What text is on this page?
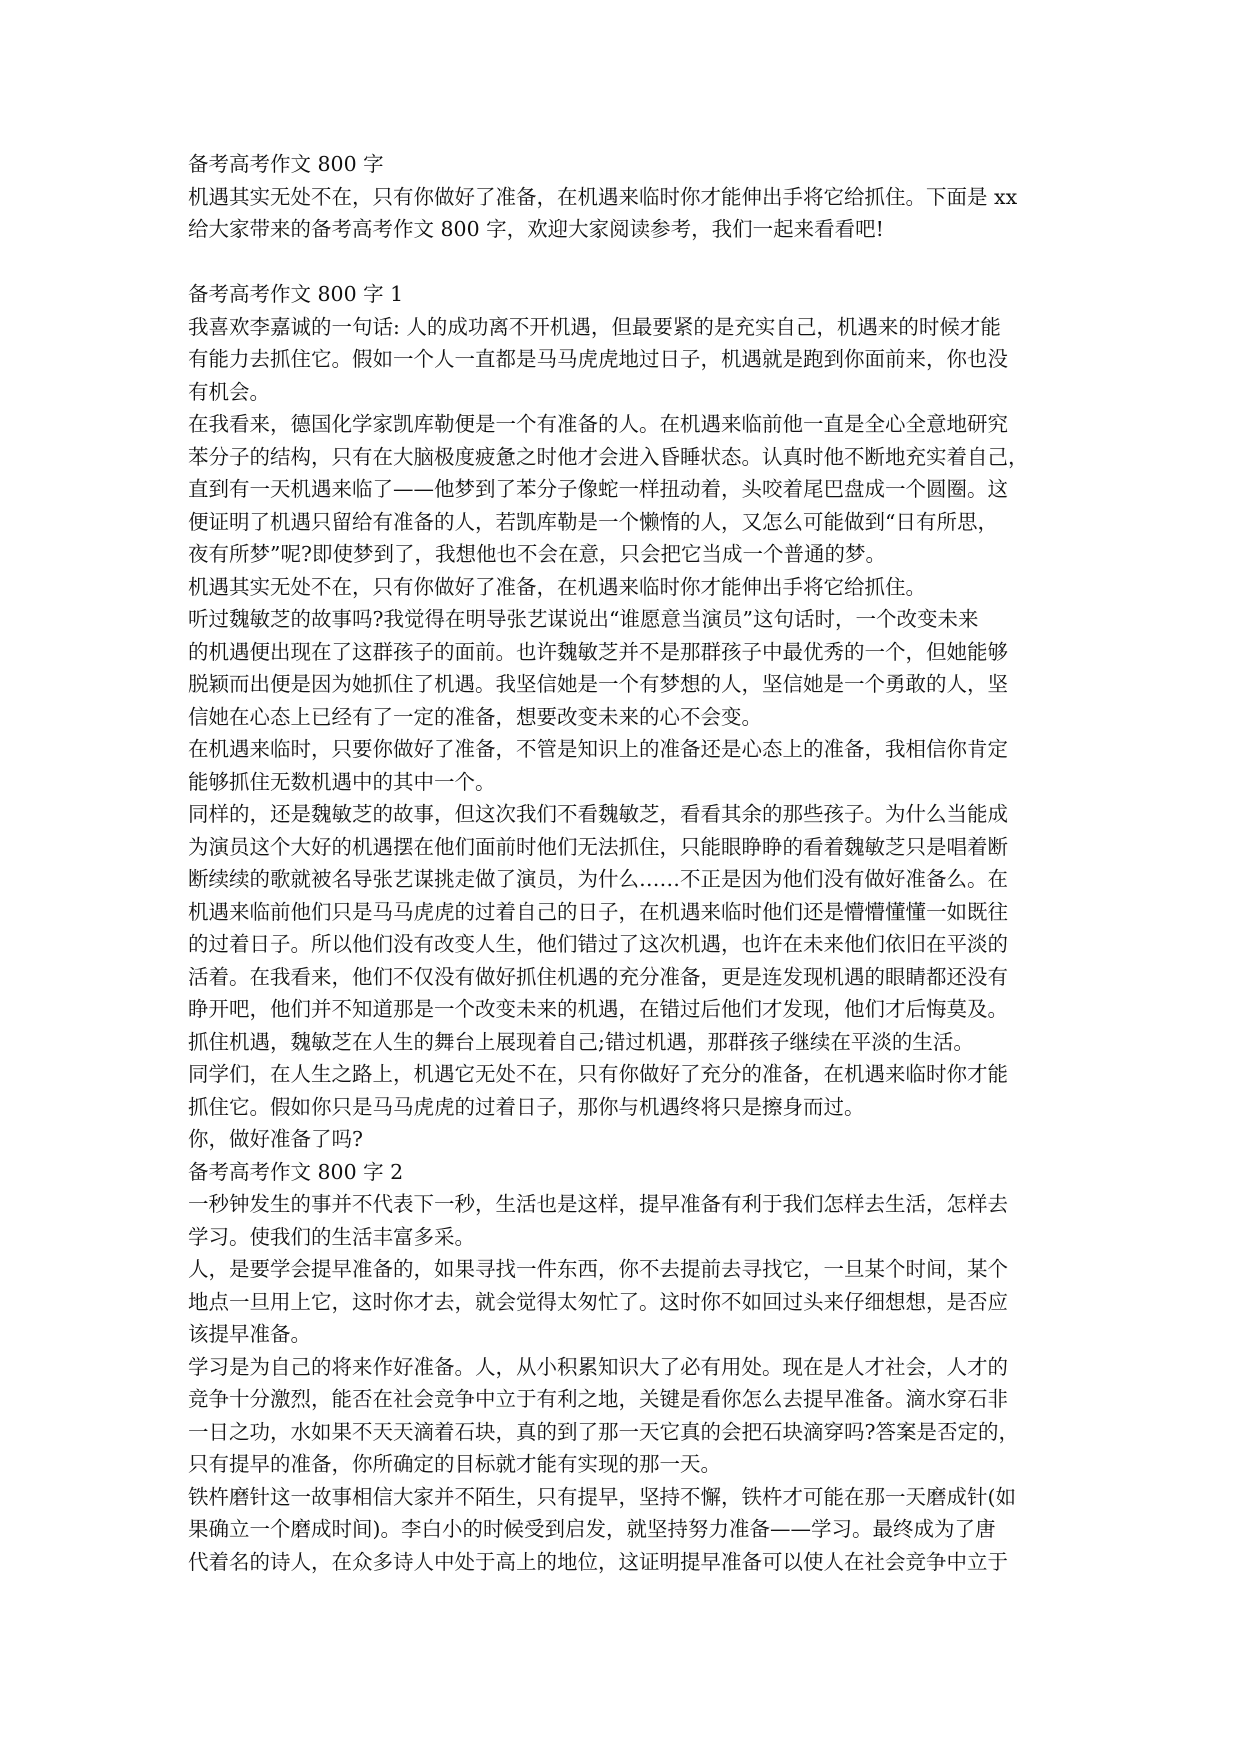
备考高考作文 800 字
机遇其实无处不在，只有你做好了准备，在机遇来临时你才能伸出手将它给抓住。下面是 xx
给大家带来的备考高考作文 800 字，欢迎大家阅读参考，我们一起来看看吧!
备考高考作文 800 字 1
我喜欢李嘉诚的一句话: 人的成功离不开机遇，但最要紧的是充实自己，机遇来的时候才能
有能力去抓住它。假如一个人一直都是马马虎虎地过日子，机遇就是跑到你面前来，你也没
有机会。
在我看来，德国化学家凯库勒便是一个有准备的人。在机遇来临前他一直是全心全意地研究
苯分子的结构，只有在大脑极度疲惫之时他才会进入昏睡状态。认真时他不断地充实着自己，
直到有一天机遇来临了——他梦到了苯分子像蛇一样扭动着，头咬着尾巴盘成一个圆圈。这
便证明了机遇只留给有准备的人，若凯库勒是一个懒惰的人，又怎么可能做到“日有所思，
夜有所梦”呢?即使梦到了，我想他也不会在意，只会把它当成一个普通的梦。
机遇其实无处不在，只有你做好了准备，在机遇来临时你才能伸出手将它给抓住。
听过魏敏芝的故事吗?我觉得在明导张艺谋说出“谁愿意当演员”这句话时，一个改变未来
的机遇便出现在了这群孩子的面前。也许魏敏芝并不是那群孩子中最优秀的一个，但她能够
脱颖而出便是因为她抓住了机遇。我坚信她是一个有梦想的人，坚信她是一个勇敢的人，坚
信她在心态上已经有了一定的准备，想要改变未来的心不会变。
在机遇来临时，只要你做好了准备，不管是知识上的准备还是心态上的准备，我相信你肯定
能够抓住无数机遇中的其中一个。
同样的，还是魏敏芝的故事，但这次我们不看魏敏芝，看看其余的那些孩子。为什么当能成
为演员这个大好的机遇摆在他们面前时他们无法抓住，只能眼睁睁的看着魏敏芝只是唱着断
断续续的歌就被名导张艺谋挑走做了演员，为什么……不正是因为他们没有做好准备么。在
机遇来临前他们只是马马虎虎的过着自己的日子，在机遇来临时他们还是懵懵懂懂一如既往
的过着日子。所以他们没有改变人生，他们错过了这次机遇，也许在未来他们依旧在平淡的
活着。在我看来，他们不仅没有做好抓住机遇的充分准备，更是连发现机遇的眼睛都还没有
睁开吧，他们并不知道那是一个改变未来的机遇，在错过后他们才发现，他们才后悔莫及。
抓住机遇，魏敏芝在人生的舞台上展现着自己;错过机遇，那群孩子继续在平淡的生活。
同学们，在人生之路上，机遇它无处不在，只有你做好了充分的准备，在机遇来临时你才能
抓住它。假如你只是马马虎虎的过着日子，那你与机遇终将只是擦身而过。
你，做好准备了吗?
备考高考作文 800 字 2
一秒钟发生的事并不代表下一秒，生活也是这样，提早准备有利于我们怎样去生活，怎样去
学习。使我们的生活丰富多采。
人，是要学会提早准备的，如果寻找一件东西，你不去提前去寻找它，一旦某个时间，某个
地点一旦用上它，这时你才去，就会觉得太匆忙了。这时你不如回过头来仔细想想，是否应
该提早准备。
学习是为自己的将来作好准备。人，从小积累知识大了必有用处。现在是人才社会，人才的
竞争十分激烈，能否在社会竞争中立于有利之地，关键是看你怎么去提早准备。滴水穿石非
一日之功，水如果不天天滴着石块，真的到了那一天它真的会把石块滴穿吗?答案是否定的，
只有提早的准备，你所确定的目标就才能有实现的那一天。
铁杵磨针这一故事相信大家并不陌生，只有提早，坚持不懈，铁杵才可能在那一天磨成针(如
果确立一个磨成时间)。李白小的时候受到启发，就坚持努力准备——学习。最终成为了唐
代着名的诗人，在众多诗人中处于高上的地位，这证明提早准备可以使人在社会竞争中立于
